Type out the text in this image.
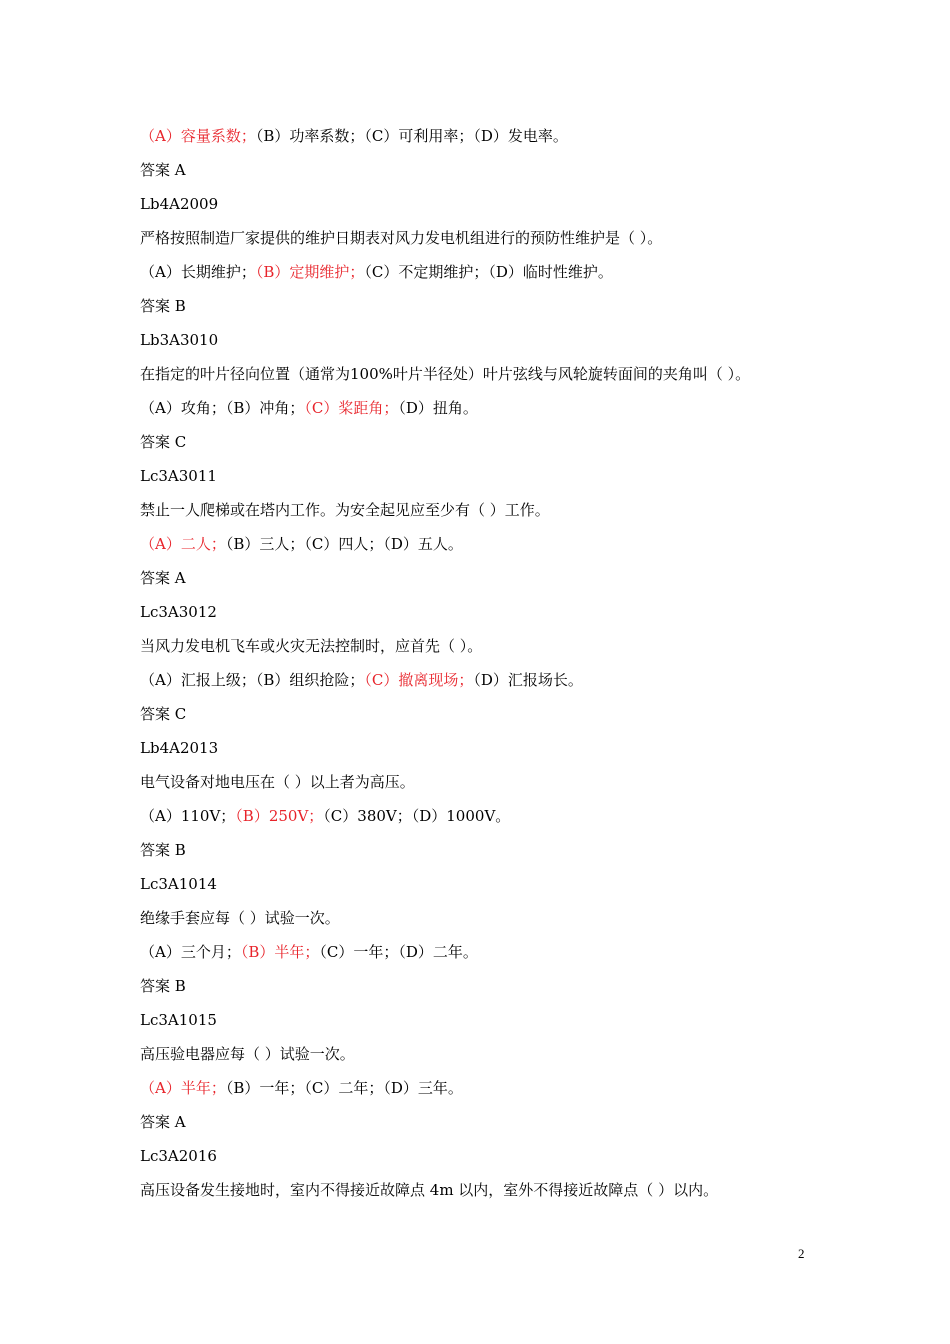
（A）容量系数；（B）功率系数；（C）可利用率；（D）发电率。
答案 A
Lb4A2009
严格按照制造厂家提供的维护日期表对风力发电机组进行的预防性维护是（ ）。
（A）长期维护；（B）定期维护；（C）不定期维护；（D）临时性维护。
答案 B
Lb3A3010
在指定的叶片径向位置（通常为100%叶片半径处）叶片弦线与风轮旋转面间的夹角叫（ ）。
（A）攻角；（B）冲角；（C）桨距角；（D）扭角。
答案 C
Lc3A3011
禁止一人爬梯或在塔内工作。为安全起见应至少有（ ）工作。
（A）二人；（B）三人；（C）四人；（D）五人。
答案 A
Lc3A3012
当风力发电机飞车或火灾无法控制时，应首先（ ）。
（A）汇报上级；（B）组织抢险；（C）撤离现场；（D）汇报场长。
答案 C
Lb4A2013
电气设备对地电压在（ ）以上者为高压。
（A）110V；（B）250V；（C）380V；（D）1000V。
答案 B
Lc3A1014
绝缘手套应每（ ）试验一次。
（A）三个月；（B）半年；（C）一年；（D）二年。
答案 B
Lc3A1015
高压验电器应每（ ）试验一次。
（A）半年；（B）一年；（C）二年；（D）三年。
答案 A
Lc3A2016
高压设备发生接地时，室内不得接近故障点 4m 以内，室外不得接近故障点（ ）以内。
2
